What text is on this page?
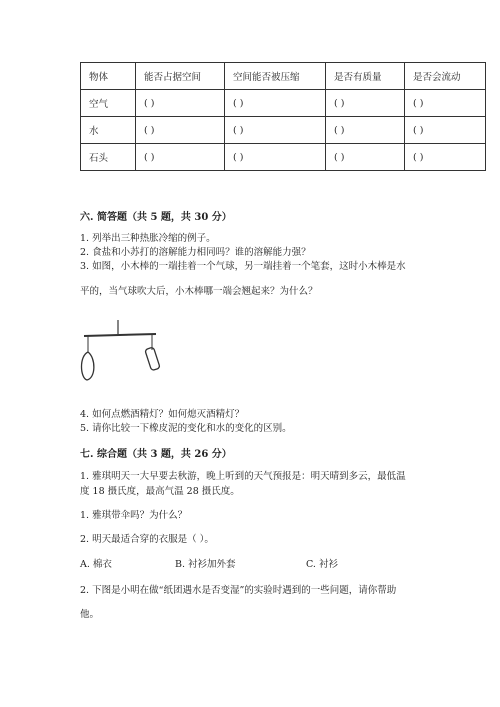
物体	能否占据空间	空间能否被压缩	是否有质量	是否会流动
空气	( )	( )	( )	( )
水	( )	( )	( )	( )
石头	( )	( )	( )	( )
六. 简答题（共 5 题，共 30 分）
1. 列举出三种热胀冷缩的例子。
2. 食盐和小苏打的溶解能力相同吗？谁的溶解能力强？
3. 如图，小木棒的一端挂着一个气球，另一端挂着一个笔套，这时小木棒是水
平的，当气球吹大后，小木棒哪一端会翘起来？为什么？
4. 如何点燃酒精灯？如何熄灭酒精灯？
5. 请你比较一下橡皮泥的变化和水的变化的区别。
七. 综合题（共 3 题，共 26 分）
1. 雅琪明天一大早要去秋游，晚上听到的天气预报是：明天晴到多云，最低温
度 18 摄氏度，最高气温 28 摄氏度。
1. 雅琪带伞吗？为什么？
2. 明天最适合穿的衣服是（ ）。
A. 棉衣	B. 衬衫加外套	C. 衬衫
2. 下图是小明在做“纸团遇水是否变湿”的实验时遇到的一些问题，请你帮助
他。
